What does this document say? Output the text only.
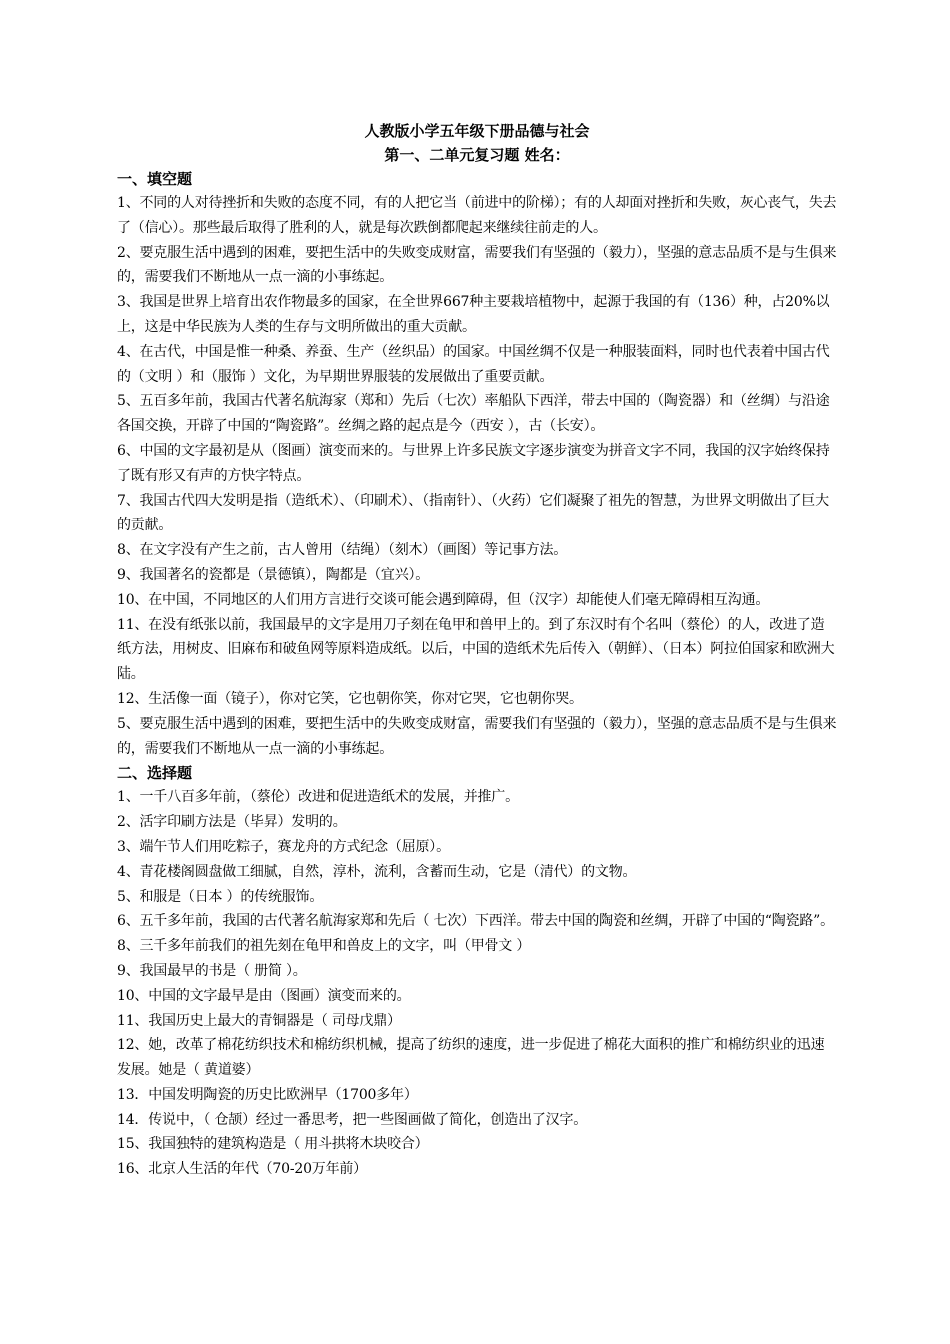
人教版小学五年级下册品德与社会

第一、二单元复习题 姓名：

一、填空题

1、不同的人对待挫折和失败的态度不同，有的人把它当（前进中的阶梯）；有的人却面对挫折和失败，灰心丧气，失去了（信心）。那些最后取得了胜利的人，就是每次跌倒都爬起来继续往前走的人。

2、要克服生活中遇到的困难，要把生活中的失败变成财富，需要我们有坚强的（毅力），坚强的意志品质不是与生俱来的，需要我们不断地从一点一滴的小事练起。

3、我国是世界上培育出农作物最多的国家，在全世界667种主要栽培植物中，起源于我国的有（136）种，占20%以上，这是中华民族为人类的生存与文明所做出的重大贡献。

4、在古代，中国是惟一种桑、养蚕、生产（丝织品）的国家。中国丝绸不仅是一种服装面料，同时也代表着中国古代的（文明 ）和（服饰 ）文化，为早期世界服装的发展做出了重要贡献。

5、五百多年前，我国古代著名航海家（郑和）先后（七次）率船队下西洋，带去中国的（陶瓷器）和（丝绸）与沿途各国交换，开辟了中国的“陶瓷路”。丝绸之路的起点是今（西安 ），古（长安）。

6、中国的文字最初是从（图画）演变而来的。与世界上许多民族文字逐步演变为拼音文字不同，我国的汉字始终保持了既有形又有声的方快字特点。

7、我国古代四大发明是指（造纸术）、（印刷术）、（指南针）、（火药）它们凝聚了祖先的智慧，为世界文明做出了巨大的贡献。

8、在文字没有产生之前，古人曾用（结绳）（刻木）（画图）等记事方法。

9、我国著名的瓷都是（景德镇），陶都是（宜兴）。

10、在中国，不同地区的人们用方言进行交谈可能会遇到障碍，但（汉字）却能使人们毫无障碍相互沟通。

11、在没有纸张以前，我国最早的文字是用刀子刻在龟甲和兽甲上的。到了东汉时有个名叫（蔡伦）的人，改进了造纸方法，用树皮、旧麻布和破鱼网等原料造成纸。以后，中国的造纸术先后传入（朝鲜）、（日本）阿拉伯国家和欧洲大陆。

12、生活像一面（镜子），你对它笑，它也朝你笑，你对它哭，它也朝你哭。

5、要克服生活中遇到的困难，要把生活中的失败变成财富，需要我们有坚强的（毅力），坚强的意志品质不是与生俱来的，需要我们不断地从一点一滴的小事练起。

二、选择题

1、一千八百多年前，（蔡伦）改进和促进造纸术的发展，并推广。

2、活字印刷方法是（毕昇）发明的。

3、端午节人们用吃粽子，赛龙舟的方式纪念（屈原）。

4、青花楼阁圆盘做工细腻，自然，淳朴，流利，含蓄而生动，它是（清代）的文物。

5、和服是（日本 ）的传统服饰。

6、五千多年前，我国的古代著名航海家郑和先后（ 七次）下西洋。带去中国的陶瓷和丝绸，开辟了中国的“陶瓷路”。

8、三千多年前我们的祖先刻在龟甲和兽皮上的文字，叫（甲骨文 ）

9、我国最早的书是（ 册简 ）。

10、中国的文字最早是由（图画）演变而来的。

11、我国历史上最大的青铜器是（ 司母戊鼎）

12、她，改革了棉花纺织技术和棉纺织机械，提高了纺织的速度，进一步促进了棉花大面积的推广和棉纺织业的迅速发展。她是（ 黄道婆）

13．中国发明陶瓷的历史比欧洲早（1700多年）

14．传说中，（ 仓颉）经过一番思考，把一些图画做了简化，创造出了汉字。

15、我国独特的建筑构造是（ 用斗拱将木块咬合）

16、北京人生活的年代（70-20万年前）
